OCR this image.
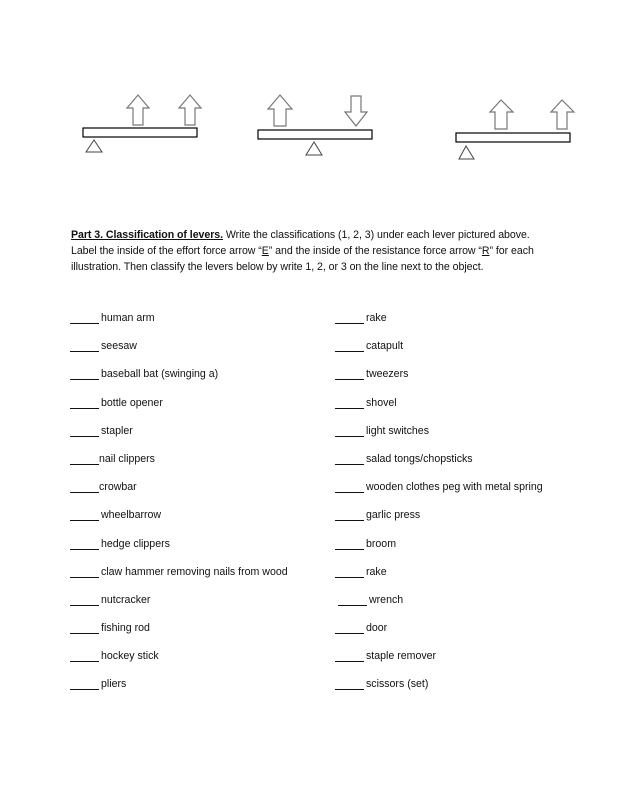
Part 3. Classification of levers. Write the classifications (1, 2, 3) under each lever pictured above.
Label the inside of the effort force arrow “E” and the inside of the resistance force arrow “R” for each
illustration. Then classify the levers below by write 1, 2, or 3 on the line next to the object.
human arm
seesaw
baseball bat (swinging a)
bottle opener
stapler
nail clippers
crowbar
wheelbarrow
hedge clippers
claw hammer removing nails from wood
nutcracker
fishing rod
hockey stick
pliers
rake
catapult
tweezers
shovel
light switches
salad tongs/chopsticks
wooden clothes peg with metal spring
garlic press
broom
rake
wrench
door
staple remover
scissors (set)
